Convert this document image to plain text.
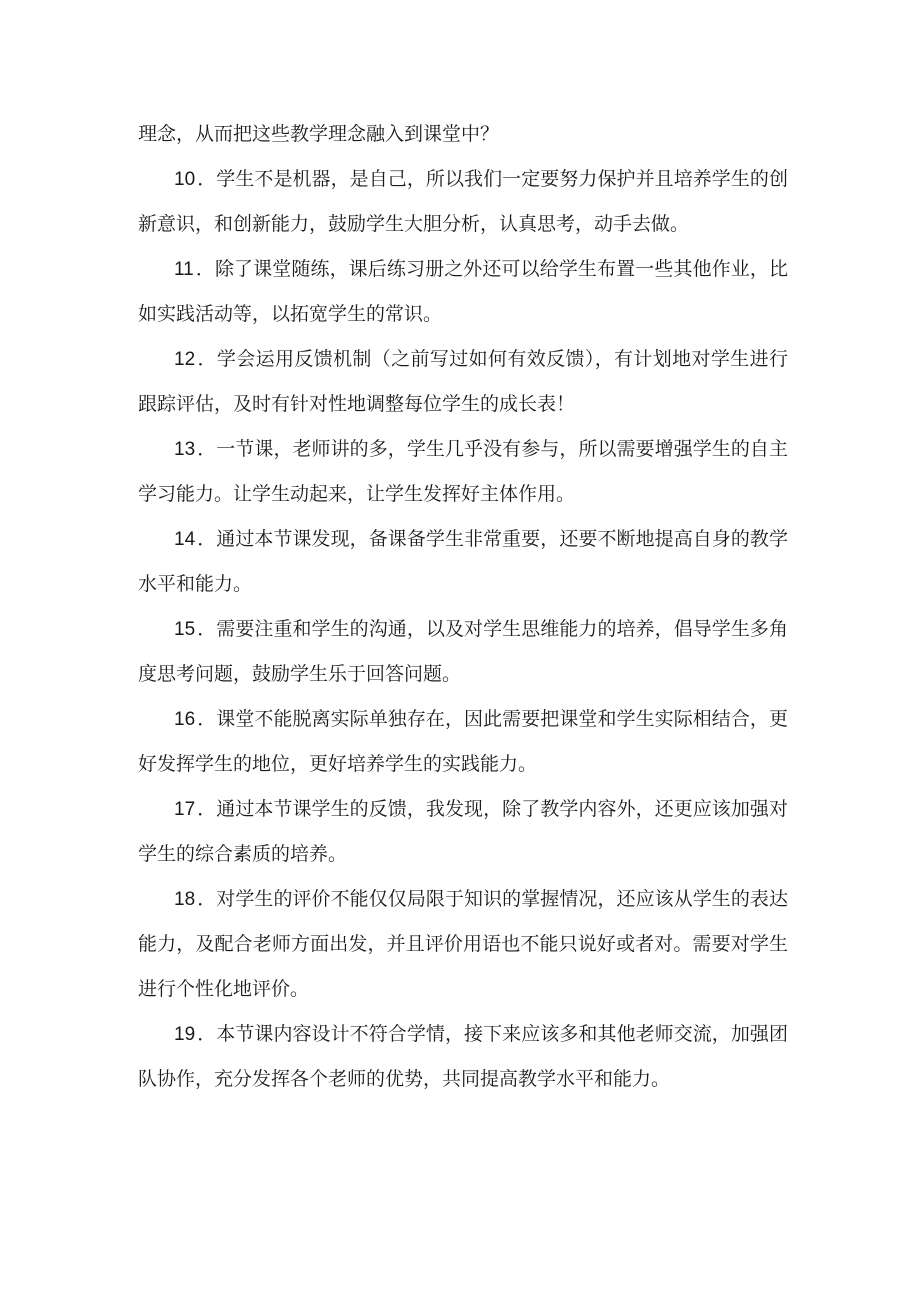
理念，从而把这些教学理念融入到课堂中？

10 ．学生不是机器，是自己，所以我们一定要努力保护并且培养学生的创新意识，和创新能力，鼓励学生大胆分析，认真思考，动手去做。

11 ．除了课堂随练，课后练习册之外还可以给学生布置一些其他作业，比如实践活动等，以拓宽学生的常识。

12 ．学会运用反馈机制（之前写过如何有效反馈），有计划地对学生进行跟踪评估，及时有针对性地调整每位学生的成长表！

13 ．一节课，老师讲的多，学生几乎没有参与，所以需要增强学生的自主学习能力。让学生动起来，让学生发挥好主体作用。

14 ．通过本节课发现，备课备学生非常重要，还要不断地提高自身的教学水平和能力。

15 ．需要注重和学生的沟通，以及对学生思维能力的培养，倡导学生多角度思考问题，鼓励学生乐于回答问题。

16 ．课堂不能脱离实际单独存在，因此需要把课堂和学生实际相结合，更好发挥学生的地位，更好培养学生的实践能力。

17 ．通过本节课学生的反馈，我发现，除了教学内容外，还更应该加强对学生的综合素质的培养。

18 ．对学生的评价不能仅仅局限于知识的掌握情况，还应该从学生的表达能力，及配合老师方面出发，并且评价用语也不能只说好或者对。需要对学生进行个性化地评价。

19 ．本节课内容设计不符合学情，接下来应该多和其他老师交流，加强团队协作，充分发挥各个老师的优势，共同提高教学水平和能力。
